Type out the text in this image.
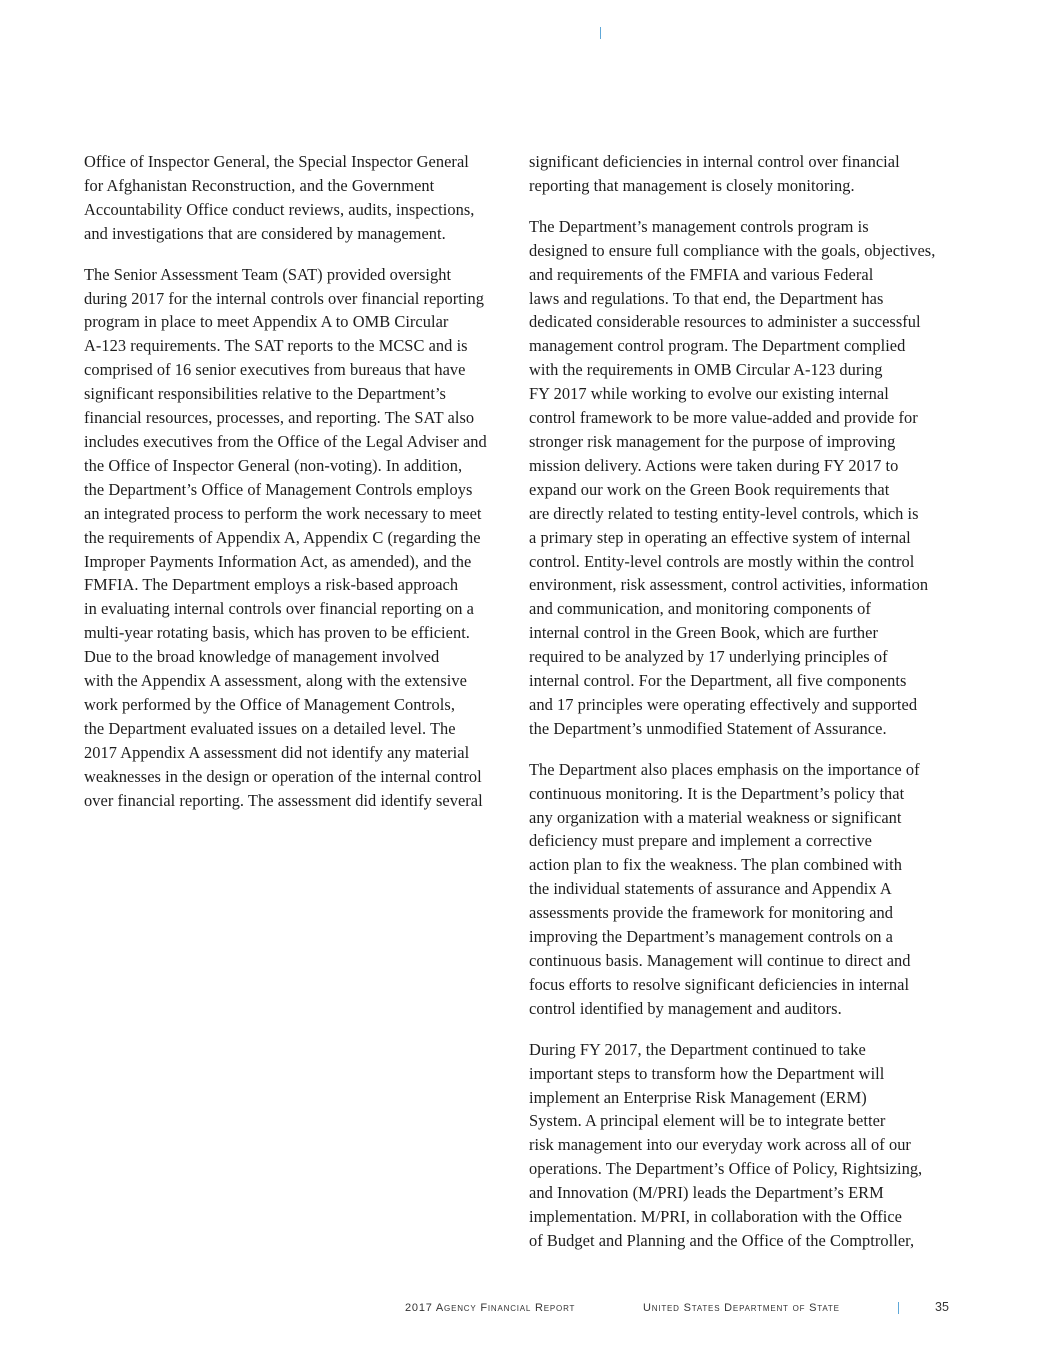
Office of Inspector General, the Special Inspector General
for Afghanistan Reconstruction, and the Government
Accountability Office conduct reviews, audits, inspections,
and investigations that are considered by management.

The Senior Assessment Team (SAT) provided oversight
during 2017 for the internal controls over financial reporting
program in place to meet Appendix A to OMB Circular
A-123 requirements. The SAT reports to the MCSC and is
comprised of 16 senior executives from bureaus that have
significant responsibilities relative to the Department’s
financial resources, processes, and reporting. The SAT also
includes executives from the Office of the Legal Adviser and
the Office of Inspector General (non-voting). In addition,
the Department’s Office of Management Controls employs
an integrated process to perform the work necessary to meet
the requirements of Appendix A, Appendix C (regarding the
Improper Payments Information Act, as amended), and the
FMFIA. The Department employs a risk-based approach
in evaluating internal controls over financial reporting on a
multi-year rotating basis, which has proven to be efficient.
Due to the broad knowledge of management involved
with the Appendix A assessment, along with the extensive
work performed by the Office of Management Controls,
the Department evaluated issues on a detailed level. The
2017 Appendix A assessment did not identify any material
weaknesses in the design or operation of the internal control
over financial reporting. The assessment did identify several

significant deficiencies in internal control over financial
reporting that management is closely monitoring.

The Department’s management controls program is
designed to ensure full compliance with the goals, objectives,
and requirements of the FMFIA and various Federal
laws and regulations. To that end, the Department has
dedicated considerable resources to administer a successful
management control program. The Department complied
with the requirements in OMB Circular A-123 during
FY 2017 while working to evolve our existing internal
control framework to be more value-added and provide for
stronger risk management for the purpose of improving
mission delivery. Actions were taken during FY 2017 to
expand our work on the Green Book requirements that
are directly related to testing entity-level controls, which is
a primary step in operating an effective system of internal
control. Entity-level controls are mostly within the control
environment, risk assessment, control activities, information
and communication, and monitoring components of
internal control in the Green Book, which are further
required to be analyzed by 17 underlying principles of
internal control. For the Department, all five components
and 17 principles were operating effectively and supported
the Department’s unmodified Statement of Assurance.

The Department also places emphasis on the importance of
continuous monitoring. It is the Department’s policy that
any organization with a material weakness or significant
deficiency must prepare and implement a corrective
action plan to fix the weakness. The plan combined with
the individual statements of assurance and Appendix A
assessments provide the framework for monitoring and
improving the Department’s management controls on a
continuous basis. Management will continue to direct and
focus efforts to resolve significant deficiencies in internal
control identified by management and auditors.

During FY 2017, the Department continued to take
important steps to transform how the Department will
implement an Enterprise Risk Management (ERM)
System. A principal element will be to integrate better
risk management into our everyday work across all of our
operations. The Department’s Office of Policy, Rightsizing,
and Innovation (M/PRI) leads the Department’s ERM
implementation. M/PRI, in collaboration with the Office
of Budget and Planning and the Office of the Comptroller,

2017 Agency Financial Report	United States Department of State	35
